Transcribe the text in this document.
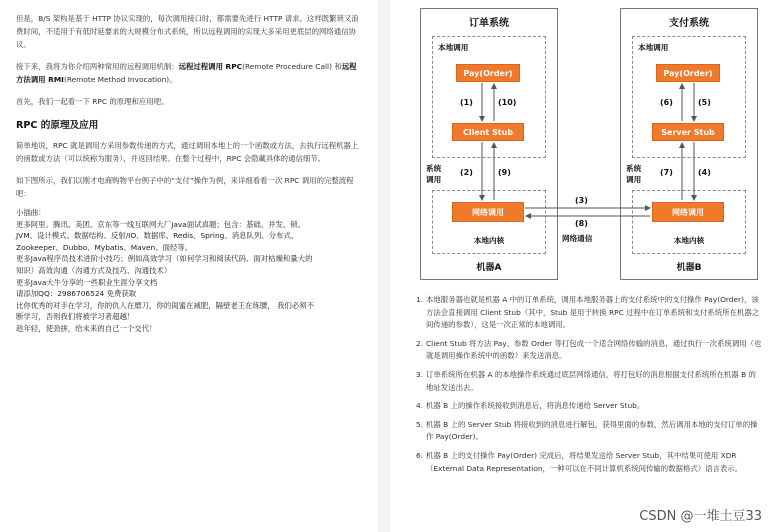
但是，B/S 架构是基于 HTTP 协议实现的，每次调用接口时，都需要先进行 HTTP 请求。这样既繁琐又浪费时间，不适用于有低时延要求的大规模分布式系统，所以远程调用的实现大多采用更底层的网络通信协议。

接下来，我将为你介绍两种常用的远程调用机制：远程过程调用 RPC(Remote Procedure Call) 和远程方法调用 RMI(Remote Method Invocation)。

首先，我们一起看一下 RPC 的原理和应用吧。

RPC 的原理及应用

简单地说，RPC 就是调用方采用参数传递的方式，通过调用本地上的一个函数或方法，去执行远程机器上的函数或方法（可以统称为服务），并返回结果。在整个过程中，RPC 会隐藏具体的通信细节。

如下图所示，我们以刚才电商购物平台例子中的“支付”操作为例，来详细看看一次 RPC 调用的完整流程吧：

小插曲：
更多阿里、腾讯、美团、京东等一线互联网大厂Java面试真题；包含：基础、并发、锁、
JVM、设计模式、数据结构、反射/IO、数据库、Redis、Spring、消息队列、分布式、
Zookeeper、Dubbo、Mybatis、Maven、面经等。
更多Java程序员技术进阶小技巧；例如高效学习（如何学习和阅读代码、面对枯燥和量大的
知识）高效沟通（沟通方式及技巧、沟通技术）
更多Java大牛分享的一些职业生涯分享文档
请添加QQ：2986706524 免费获取
比你优秀的对手在学习，你的仇人在磨刀，你的闺蜜在减肥，隔壁老王在练腰， 我们必须不
断学习，否则我们将被学习者超越！
趁年轻，使劲拼，给未来的自己一个交代！
订单系统
本地调用
Pay(Order)
Client Stub
系统
调用
网络调用
本地内核
机器A
支付系统
本地调用
Pay(Order)
Server Stub
系统
调用
网络调用
本地内核
机器B
(1)	(10)
(2)	(9)
(6)	(5)
(7)	(4)
(3)
(8)
网络通信
1. 本地服务器也就是机器 A 中的订单系统，调用本地服务器上的支付系统中的支付操作 Pay(Order)，该方法会直接调用 Client Stub（其中，Stub 是用于转换 RPC 过程中在订单系统和支付系统所在机器之间传递的参数），这是一次正常的本地调用。
2. Client Stub 将方法 Pay、参数 Order 等打包成一个适合网络传输的消息，通过执行一次系统调用（也就是调用操作系统中的函数）来发送消息。
3. 订单系统所在机器 A 的本地操作系统通过底层网络通信，将打包好的消息根据支付系统所在机器 B 的地址发送出去。
4. 机器 B 上的操作系统接收到消息后，将消息传递给 Server Stub。
5. 机器 B 上的 Server Stub 将接收到的消息进行解包，获得里面的参数，然后调用本地的支付订单的操作 Pay(Order)。
6. 机器 B 上的支付操作 Pay(Order) 完成后，将结果发送给 Server Stub，其中结果可使用 XDR（External Data Representation，一种可以在不同计算机系统间传输的数据格式）语言表示。
CSDN @一堆土豆33
